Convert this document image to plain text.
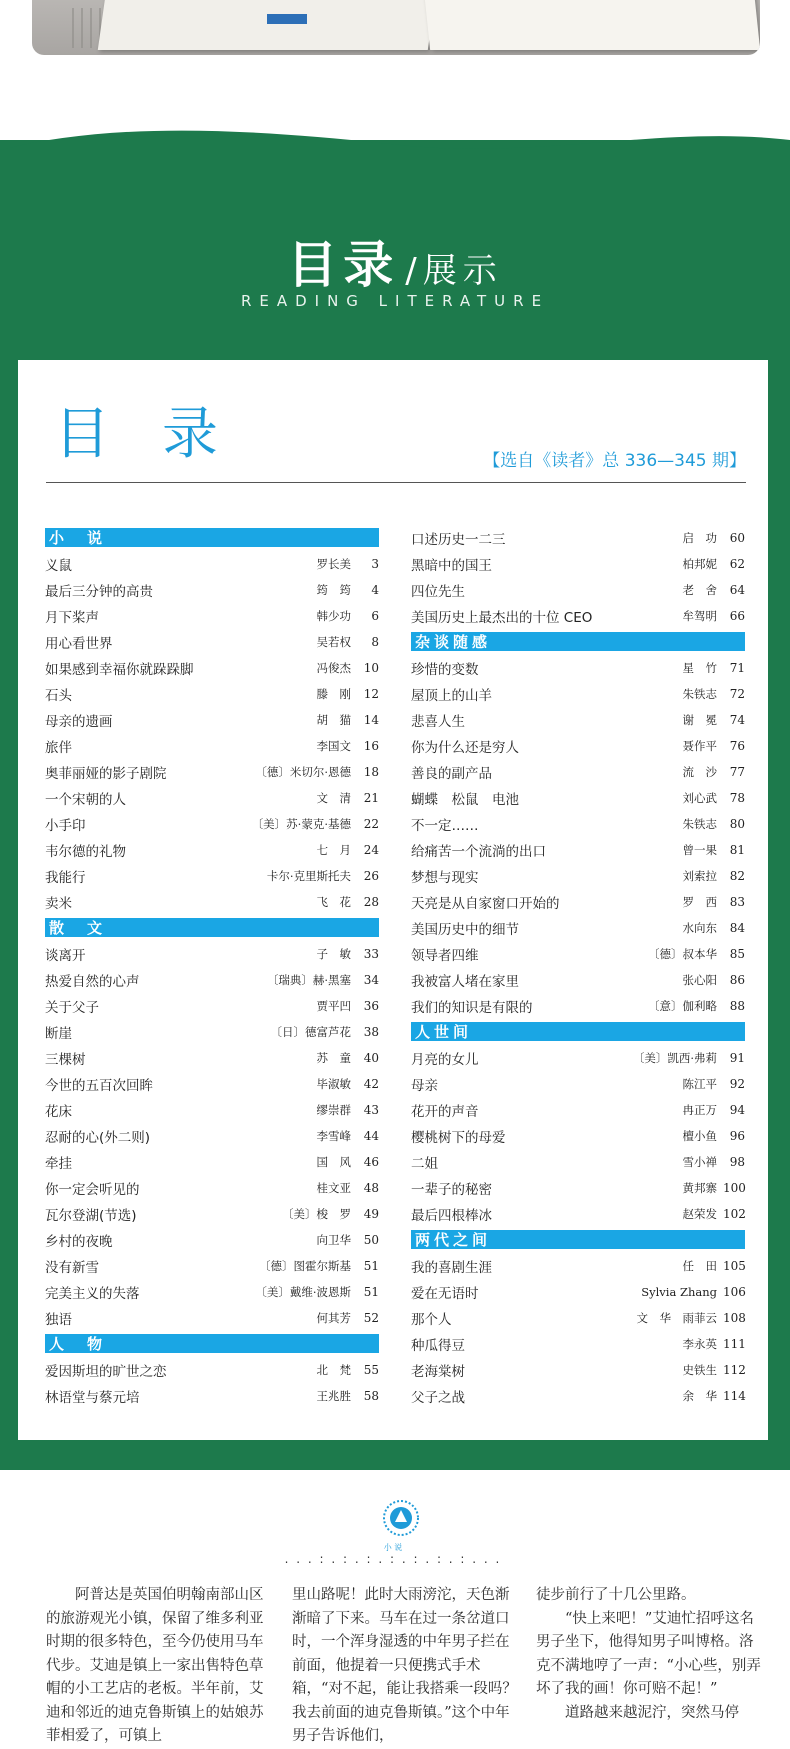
目录 / 展示
READING LITERATURE
目录	【选自《读者》总 336—345 期】
小　说
义鼠	罗长美	3
最后三分钟的高贵	筠　筠	4
月下桨声	韩少功	6
用心看世界	吴若权	8
如果感到幸福你就跺跺脚	冯俊杰	10
石头	滕　刚	12
母亲的遗画	胡　猫	14
旅伴	李国文	16
奥菲丽娅的影子剧院	〔德〕米切尔·恩德	18
一个宋朝的人	文　清	21
小手印	〔美〕苏·蒙克·基德	22
韦尔德的礼物	七　月	24
我能行	卡尔·克里斯托夫	26
卖米	飞　花	28
散　文
谈离开	子　敏	33
热爱自然的心声	〔瑞典〕赫·黑塞	34
关于父子	贾平凹	36
断崖	〔日〕德富芦花	38
三棵树	苏　童	40
今世的五百次回眸	毕淑敏	42
花床	缪崇群	43
忍耐的心(外二则)	李雪峰	44
牵挂	国　风	46
你一定会听见的	桂文亚	48
瓦尔登湖(节选)	〔美〕梭　罗	49
乡村的夜晚	向卫华	50
没有新雪	〔德〕图霍尔斯基	51
完美主义的失落	〔美〕戴维·波恩斯	51
独语	何其芳	52
人　物
爱因斯坦的旷世之恋	北　梵	55
林语堂与蔡元培	王兆胜	58
口述历史一二三	启　功	60
黑暗中的国王	柏邦妮	62
四位先生	老　舍	64
美国历史上最杰出的十位 CEO	牟驾明	66
杂谈随感
珍惜的变数	星　竹	71
屋顶上的山羊	朱铁志	72
悲喜人生	谢　冕	74
你为什么还是穷人	聂作平	76
善良的副产品	流　沙	77
蝴蝶　松鼠　电池	刘心武	78
不一定……	朱铁志	80
给痛苦一个流淌的出口	曾一果	81
梦想与现实	刘索拉	82
天亮是从自家窗口开始的	罗　西	83
美国历史中的细节	水向东	84
领导者四维	〔德〕叔本华	85
我被富人堵在家里	张心阳	86
我们的知识是有限的	〔意〕伽利略	88
人世间
月亮的女儿	〔美〕凯西·弗莉	91
母亲	陈江平	92
花开的声音	冉正万	94
樱桃树下的母爱	檀小鱼	96
二姐	雪小禅	98
一辈子的秘密	黄邦寨 100
最后四根棒冰	赵荣发 102
两代之间
我的喜剧生涯	任　田 105
爱在无语时	Sylvia Zhang 106
那个人	文　华　雨菲云 108
种瓜得豆	李永英 111
老海棠树	史铁生 112
父子之战	余　华 114
小 说
. . . : . : . : . : . : . : . : . . .

　　阿普达是英国伯明翰南部山区的旅游观光小镇，保留了维多利亚时期的很多特色，至今仍使用马车代步。艾迪是镇上一家出售特色草帽的小工艺店的老板。半年前，艾迪和邻近的迪克鲁斯镇上的姑娘苏菲相爱了，可镇上

里山路呢！此时大雨滂沱，天色渐渐暗了下来。马车在过一条岔道口时，一个浑身湿透的中年男子拦在前面，他提着一只便携式手术箱，“对不起，能让我搭乘一段吗？我去前面的迪克鲁斯镇。”这个中年男子告诉他们，

徒步前行了十几公里路。
　　“快上来吧！”艾迪忙招呼这名男子坐下，他得知男子叫博格。洛克不满地哼了一声：“小心些，别弄坏了我的画！你可赔不起！”
　　道路越来越泥泞，突然马停
